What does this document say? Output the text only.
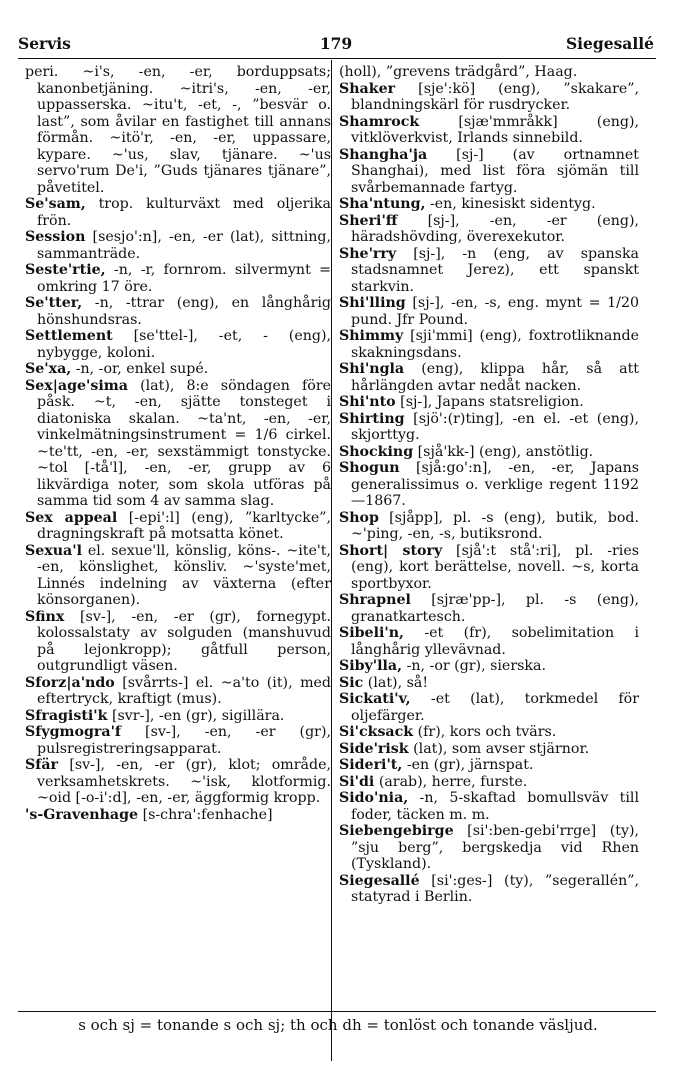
Servis	179	Siegesallé

peri. ~i's, -en, -er, borduppsats; kanonbetjäning. ~itri's, -en, -er, uppasserska. ~itu't, -et, -, ”besvär o. last”, som åvilar en fastighet till annans förmån. ~itö'r, -en, -er, uppassare, kypare. ~'us, slav, tjänare. ~'us servo'rum De'i, ”Guds tjänares tjänare”, påvetitel.

Se'sam, trop. kulturväxt med oljerika frön.

Session [sesjo':n], -en, -er (lat), sittning, sammanträde.

Seste'rtie, -n, -r, fornrom. silvermynt = omkring 17 öre.

Se'tter, -n, -ttrar (eng), en långhårig hönshundsras.

Settlement [se'ttel-], -et, - (eng), nybygge, koloni.

Se'xa, -n, -or, enkel supé.

Sex|age'sima (lat), 8:e söndagen före påsk. ~t, -en, sjätte tonsteget i diatoniska skalan. ~ta'nt, -en, -er, vinkelmätningsinstrument = 1/6 cirkel. ~te'tt, -en, -er, sexstämmigt tonstycke. ~tol [-tå'l], -en, -er, grupp av 6 likvärdiga noter, som skola utföras på samma tid som 4 av samma slag.

Sex appeal [-epi':l] (eng), ”karltycke”, dragningskraft på motsatta könet.

Sexua'l el. sexue'll, könslig, köns-. ~ite't, -en, könslighet, könsliv. ~'syste'met, Linnés indelning av växterna (efter könsorganen).

Sfinx [sv-], -en, -er (gr), fornegypt. kolossalstaty av solguden (manshuvud på lejonkropp); gåtfull person, outgrundligt väsen.

Sforz|a'ndo [svårrts-] el. ~a'to (it), med eftertryck, kraftigt (mus).

Sfragisti'k [svr-], -en (gr), sigillära.

Sfygmogra'f [sv-], -en, -er (gr), pulsregistreringsapparat.

Sfär [sv-], -en, -er (gr), klot; område, verksamhetskrets. ~'isk, klotformig. ~oid [-o-i':d], -en, -er, äggformig kropp.

's-Gravenhage [s-chra':fenhache]

(holl), ”grevens trädgård”, Haag.

Shaker [sje':kö] (eng), ”skakare”, blandningskärl för rusdrycker.

Shamrock	[sjæ'mmråkk] (eng), vitklöverkvist, Irlands sinnebild.

Shangha'ja [sj-] (av ortnamnet Shanghai), med list föra sjömän till svårbemannade fartyg.

Sha'ntung, -en, kinesiskt sidentyg.

Sheri'ff [sj-], -en, -er (eng), häradshövding, överexekutor.

She'rry [sj-], -n (eng, av spanska stadsnamnet Jerez), ett spanskt starkvin.

Shi'lling [sj-], -en, -s, eng. mynt = 1/20 pund. Jfr Pound.

Shimmy [sji'mmi] (eng), foxtrotliknande skakningsdans.

Shi'ngla (eng), klippa hår, så att hårlängden avtar nedåt nacken.

Shi'nto [sj-], Japans statsreligion.

Shirting [sjö':(r)ting], -en el. -et (eng), skjorttyg.

Shocking [sjå'kk-] (eng), anstötlig.

Shogun [sjå:go':n], -en, -er, Japans generalissimus o. verklige regent 1192—1867.

Shop [sjåpp], pl. -s (eng), butik, bod. ~'ping, -en, -s, butiksrond.

Short| story [sjå':t stå':ri], pl. -ries (eng), kort berättelse, novell. ~s, korta sportbyxor.

Shrapnel [sjræ'pp-], pl. -s (eng), granatkartesch.

Sibeli'n, -et (fr), sobelimitation i långhårig yllevävnad.

Siby'lla, -n, -or (gr), sierska.

Sic (lat), så!

Sickati'v, -et (lat), torkmedel för oljefärger.

Si'cksack (fr), kors och tvärs.

Side'risk (lat), som avser stjärnor.

Sideri't, -en (gr), järnspat.

Si'di (arab), herre, furste.

Sido'nia, -n, 5-skaftad bomullsväv till foder, täcken m. m.

Siebengebirge [si':ben-gebi'rrge] (ty), ”sju berg”, bergskedja vid Rhen (Tyskland).

Siegesallé [si':ges-] (ty), ”segerallén”, statyrad i Berlin.

s och sj = tonande s och sj; th och dh = tonlöst och tonande väsljud.
